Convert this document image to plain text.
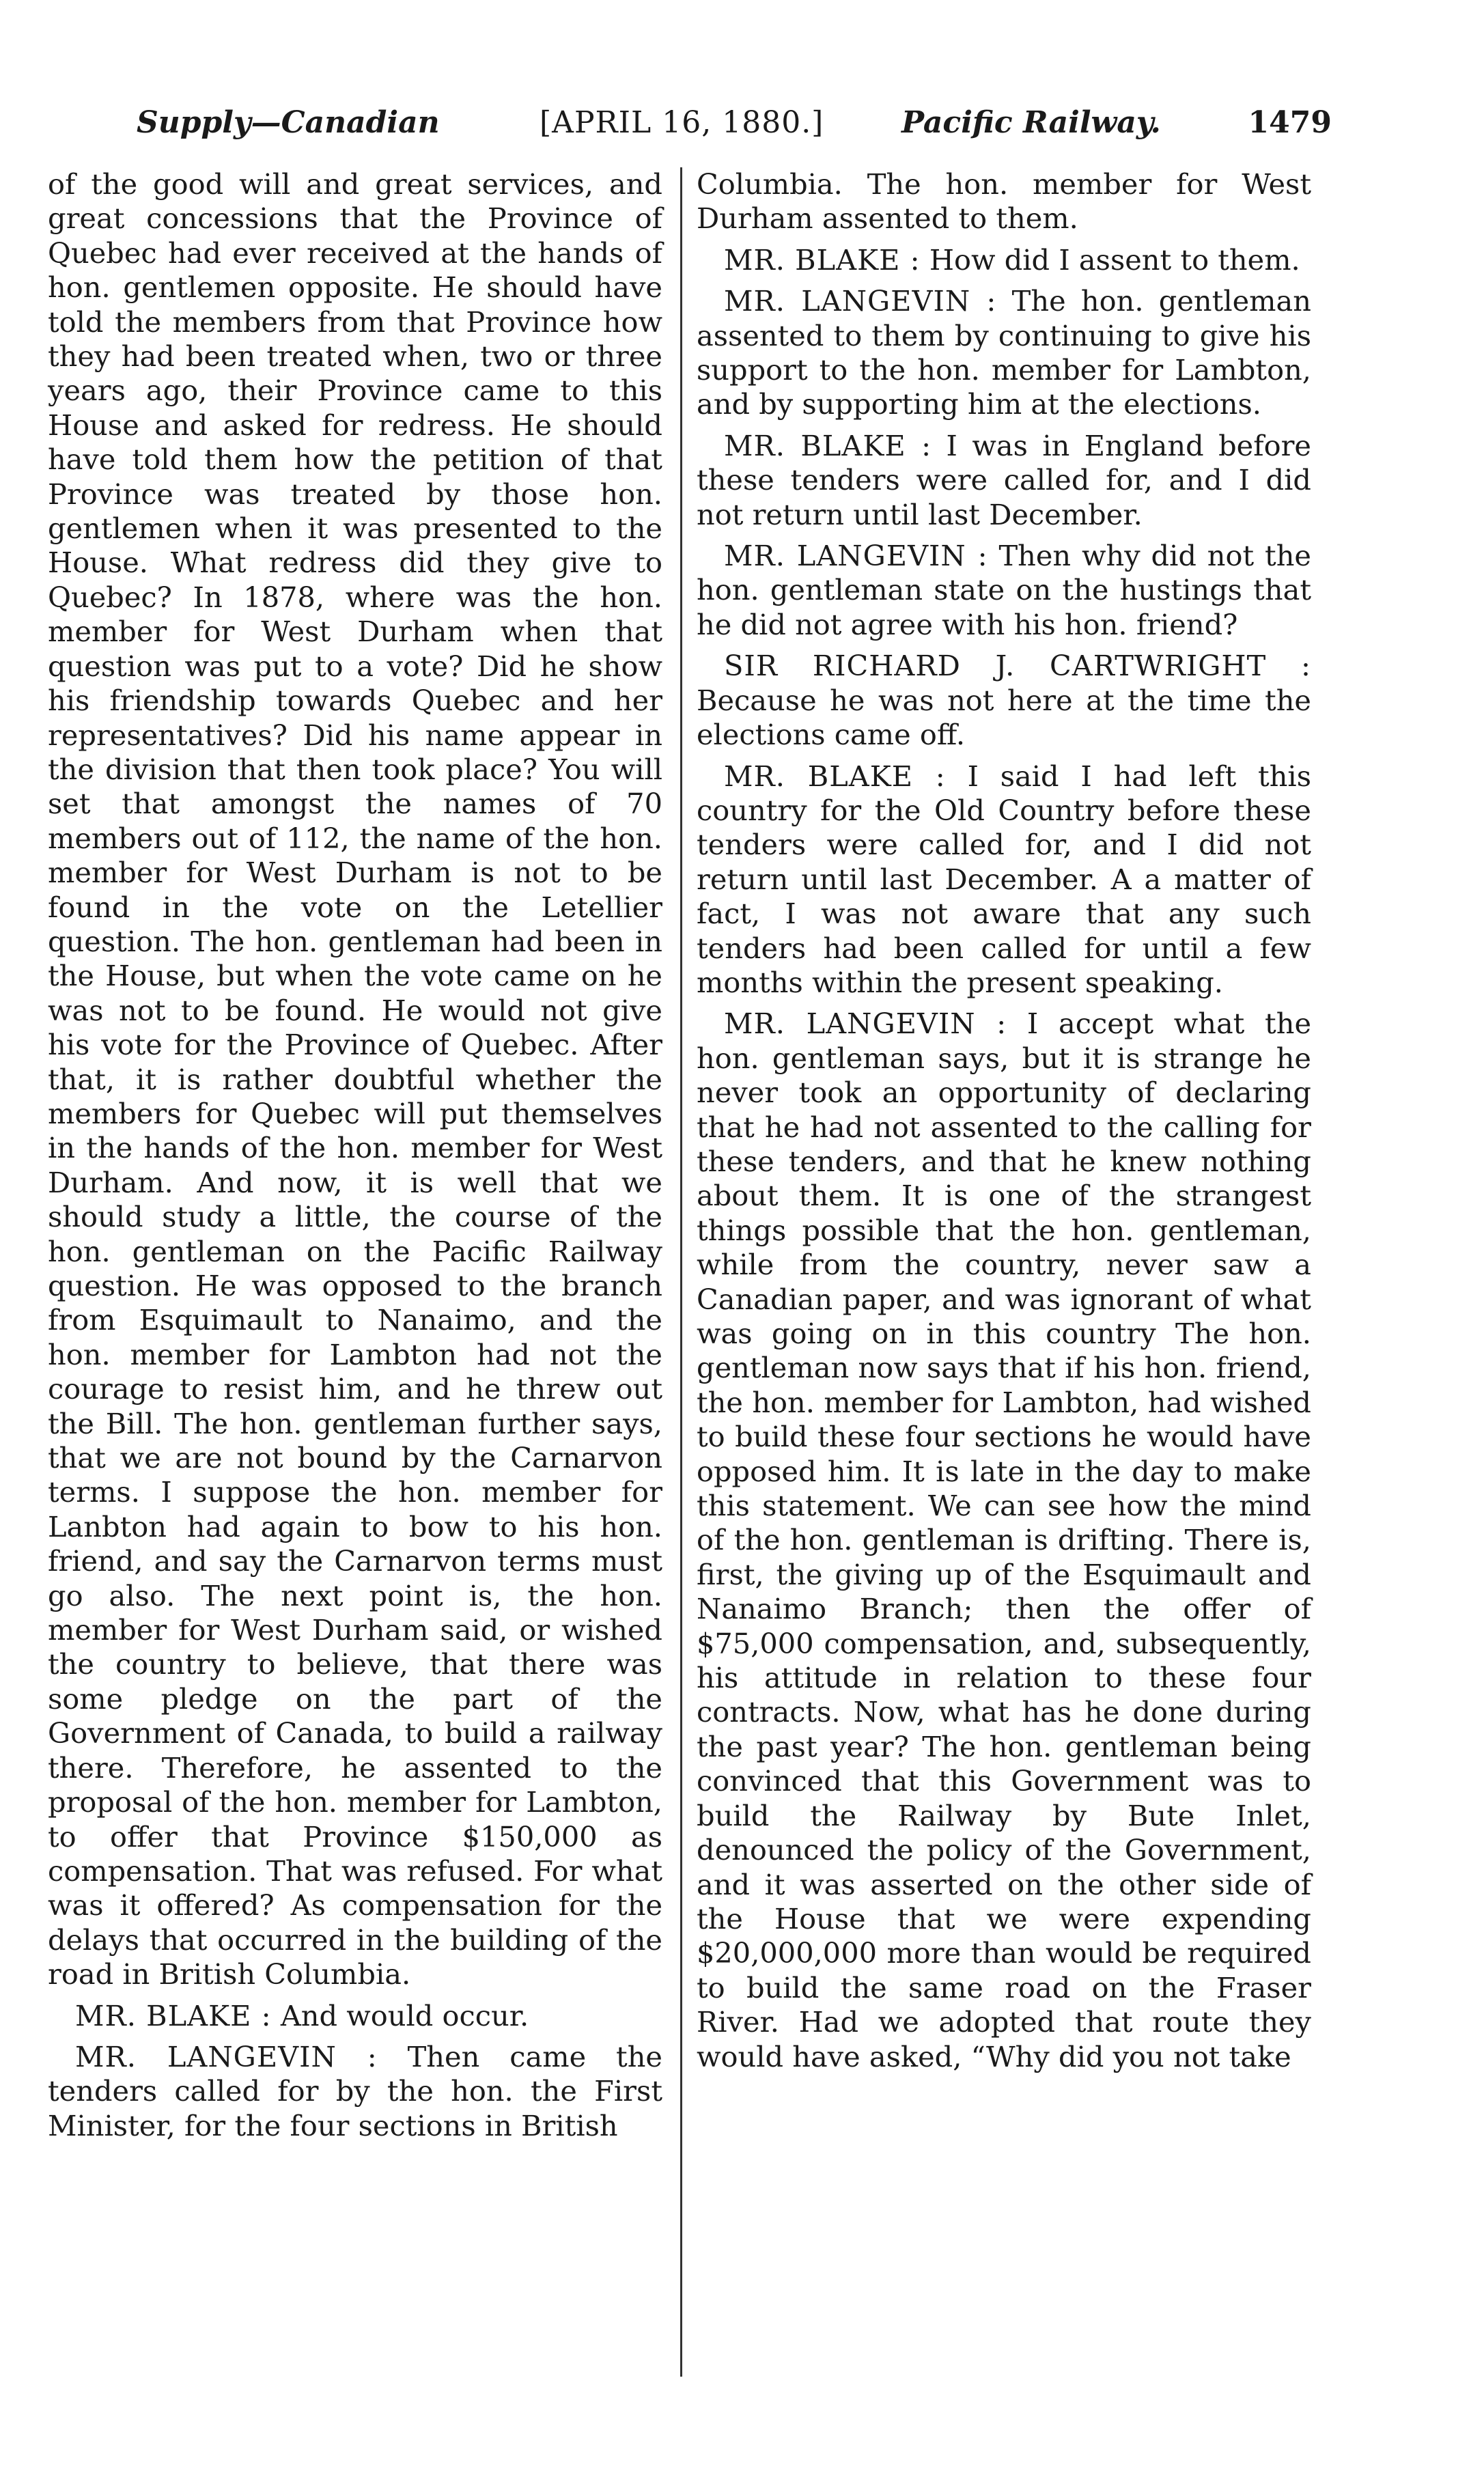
Supply—Canadian	[APRIL 16, 1880.]	Pacific Railway.	1479

of the good will and great services, and great concessions that the Province of Quebec had ever received at the hands of hon. gentlemen opposite. He should have told the members from that Province how they had been treated when, two or three years ago, their Province came to this House and asked for redress. He should have told them how the petition of that Province was treated by those hon. gentlemen when it was presented to the House. What redress did they give to Quebec? In 1878, where was the hon. member for West Durham when that question was put to a vote? Did he show his friendship towards Quebec and her representatives? Did his name appear in the division that then took place? You will set that amongst the names of 70 members out of 112, the name of the hon. member for West Durham is not to be found in the vote on the Letellier question. The hon. gentleman had been in the House, but when the vote came on he was not to be found. He would not give his vote for the Province of Quebec. After that, it is rather doubtful whether the members for Quebec will put themselves in the hands of the hon. member for West Durham. And now, it is well that we should study a little, the course of the hon. gentleman on the Pacific Railway question. He was opposed to the branch from Esquimault to Nanaimo, and the hon. member for Lambton had not the courage to resist him, and he threw out the Bill. The hon. gentleman further says, that we are not bound by the Carnarvon terms. I suppose the hon. member for Lanbton had again to bow to his hon. friend, and say the Carnarvon terms must go also. The next point is, the hon. member for West Durham said, or wished the country to believe, that there was some pledge on the part of the Government of Canada, to build a railway there. Therefore, he assented to the proposal of the hon. member for Lambton, to offer that Province $150,000 as compensation. That was refused. For what was it offered? As compensation for the delays that occurred in the building of the road in British Columbia.

MR. BLAKE : And would occur.

MR. LANGEVIN : Then came the tenders called for by the hon. the First Minister, for the four sections in British

Columbia. The hon. member for West Durham assented to them.

MR. BLAKE : How did I assent to them.

MR. LANGEVIN : The hon. gentleman assented to them by continuing to give his support to the hon. member for Lambton, and by supporting him at the elections.

MR. BLAKE : I was in England before these tenders were called for, and I did not return until last December.

MR. LANGEVIN : Then why did not the hon. gentleman state on the hustings that he did not agree with his hon. friend?

SIR RICHARD J. CARTWRIGHT : Because he was not here at the time the elections came off.

MR. BLAKE : I said I had left this country for the Old Country before these tenders were called for, and I did not return until last December. A a matter of fact, I was not aware that any such tenders had been called for until a few months within the present speaking.

MR. LANGEVIN : I accept what the hon. gentleman says, but it is strange he never took an opportunity of declaring that he had not assented to the calling for these tenders, and that he knew nothing about them. It is one of the strangest things possible that the hon. gentleman, while from the country, never saw a Canadian paper, and was ignorant of what was going on in this country The hon. gentleman now says that if his hon. friend, the hon. member for Lambton, had wished to build these four sections he would have opposed him. It is late in the day to make this statement. We can see how the mind of the hon. gentleman is drifting. There is, first, the giving up of the Esquimault and Nanaimo Branch; then the offer of $75,000 compensation, and, subsequently, his attitude in relation to these four contracts. Now, what has he done during the past year? The hon. gentleman being convinced that this Government was to build the Railway by Bute Inlet, denounced the policy of the Government, and it was asserted on the other side of the House that we were expending $20,000,000 more than would be required to build the same road on the Fraser River. Had we adopted that route they would have asked, “Why did you not take
